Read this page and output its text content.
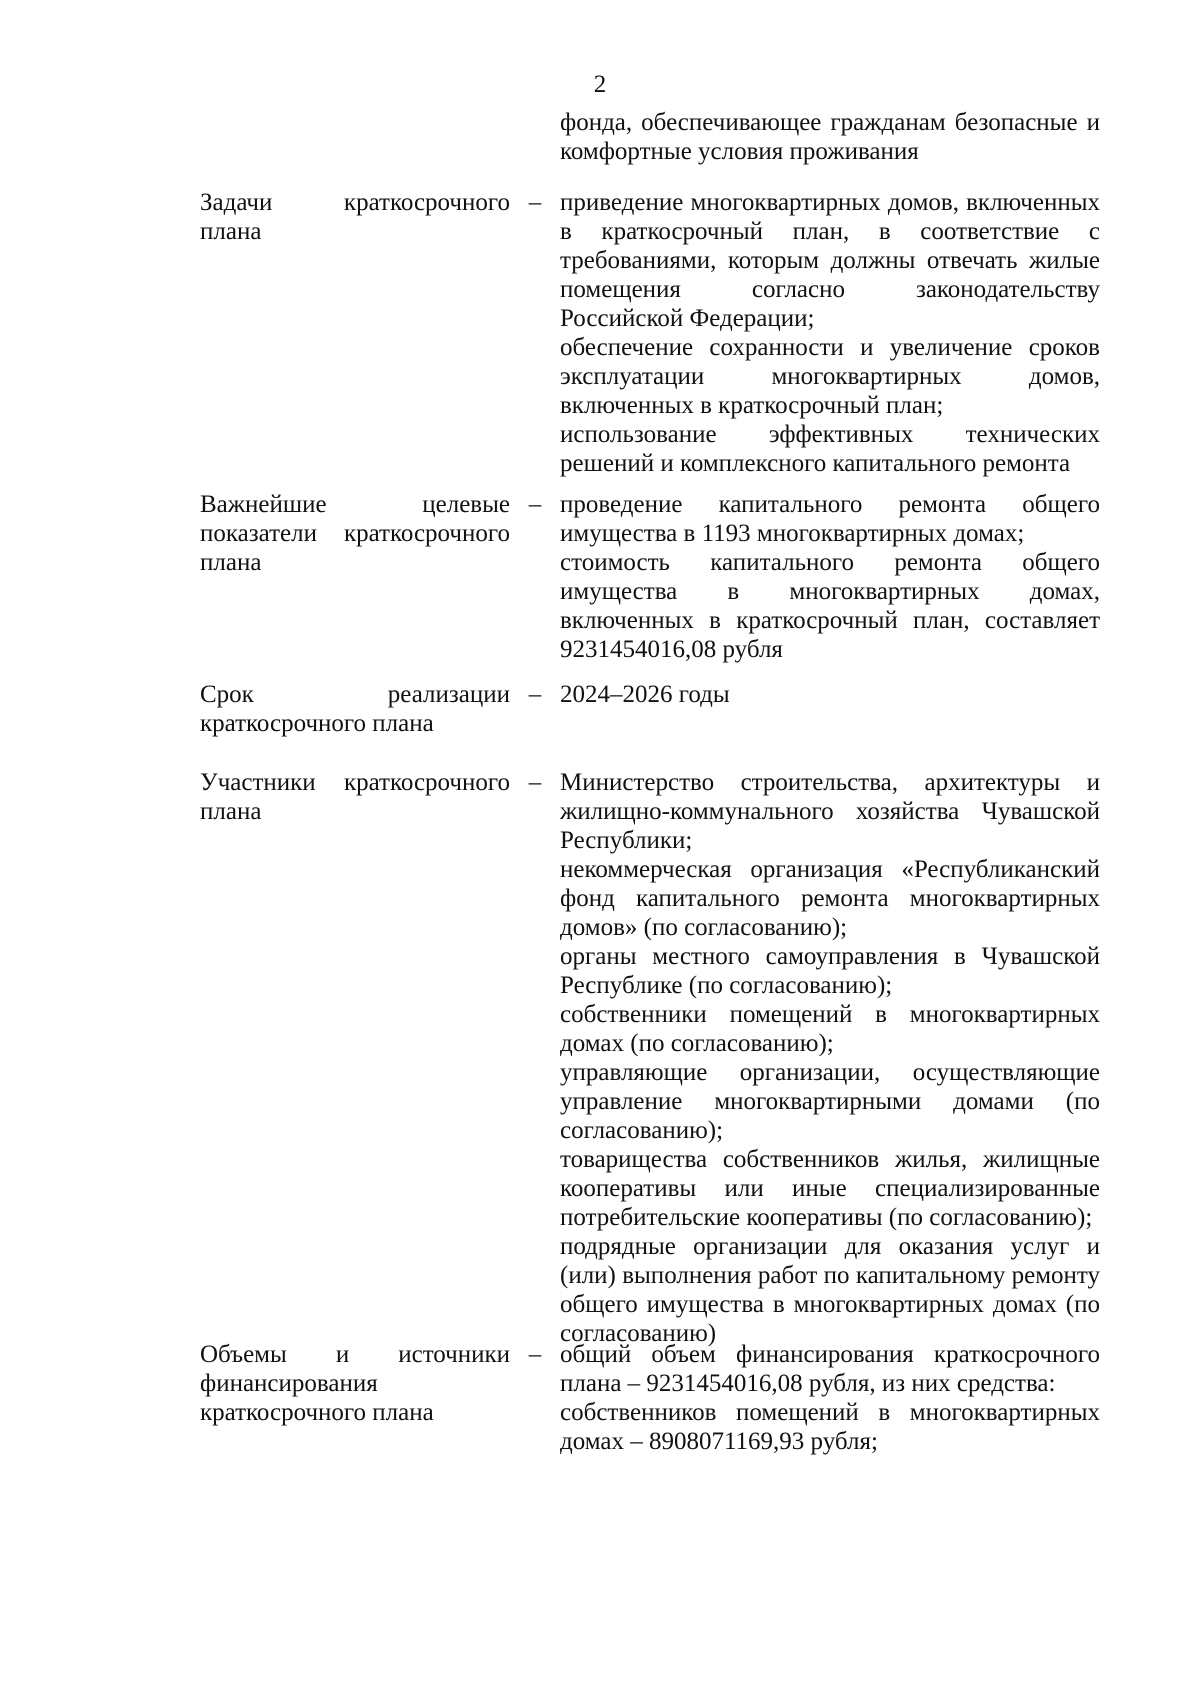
2

фонда, обеспечивающее гражданам безопасные и комфортные условия проживания

Задачи краткосрочного плана

– приведение многоквартирных домов, включенных в краткосрочный план, в соответствие с требованиями, которым должны отвечать жилые помещения согласно законодательству Российской Федерации;

обеспечение сохранности и увеличение сроков эксплуатации многоквартирных домов, включенных в краткосрочный план;

использование эффективных технических решений и комплексного капитального ремонта

Важнейшие целевые показатели краткосрочного плана

– проведение капитального ремонта общего имущества в 1193 многоквартирных домах;

стоимость капитального ремонта общего имущества в многоквартирных домах, включенных в краткосрочный план, составляет 9231454016,08 рубля

Срок реализации краткосрочного плана

– 2024–2026 годы

Участники краткосрочного плана

– Министерство строительства, архитектуры и жилищно-коммунального хозяйства Чувашской Республики;

некоммерческая организация «Республиканский фонд капитального ремонта многоквартирных домов» (по согласованию);

органы местного самоуправления в Чувашской Республике (по согласованию);

собственники помещений в многоквартирных домах (по согласованию);

управляющие организации, осуществляющие управление многоквартирными домами (по согласованию);

товарищества собственников жилья, жилищные кооперативы или иные специализированные потребительские кооперативы (по согласованию);

подрядные организации для оказания услуг и (или) выполнения работ по капитальному ремонту общего имущества в многоквартирных домах (по согласованию)

Объемы и источники финансирования краткосрочного плана

– общий объем финансирования краткосрочного плана – 9231454016,08 рубля, из них средства:

собственников помещений в многоквартирных домах – 8908071169,93 рубля;
